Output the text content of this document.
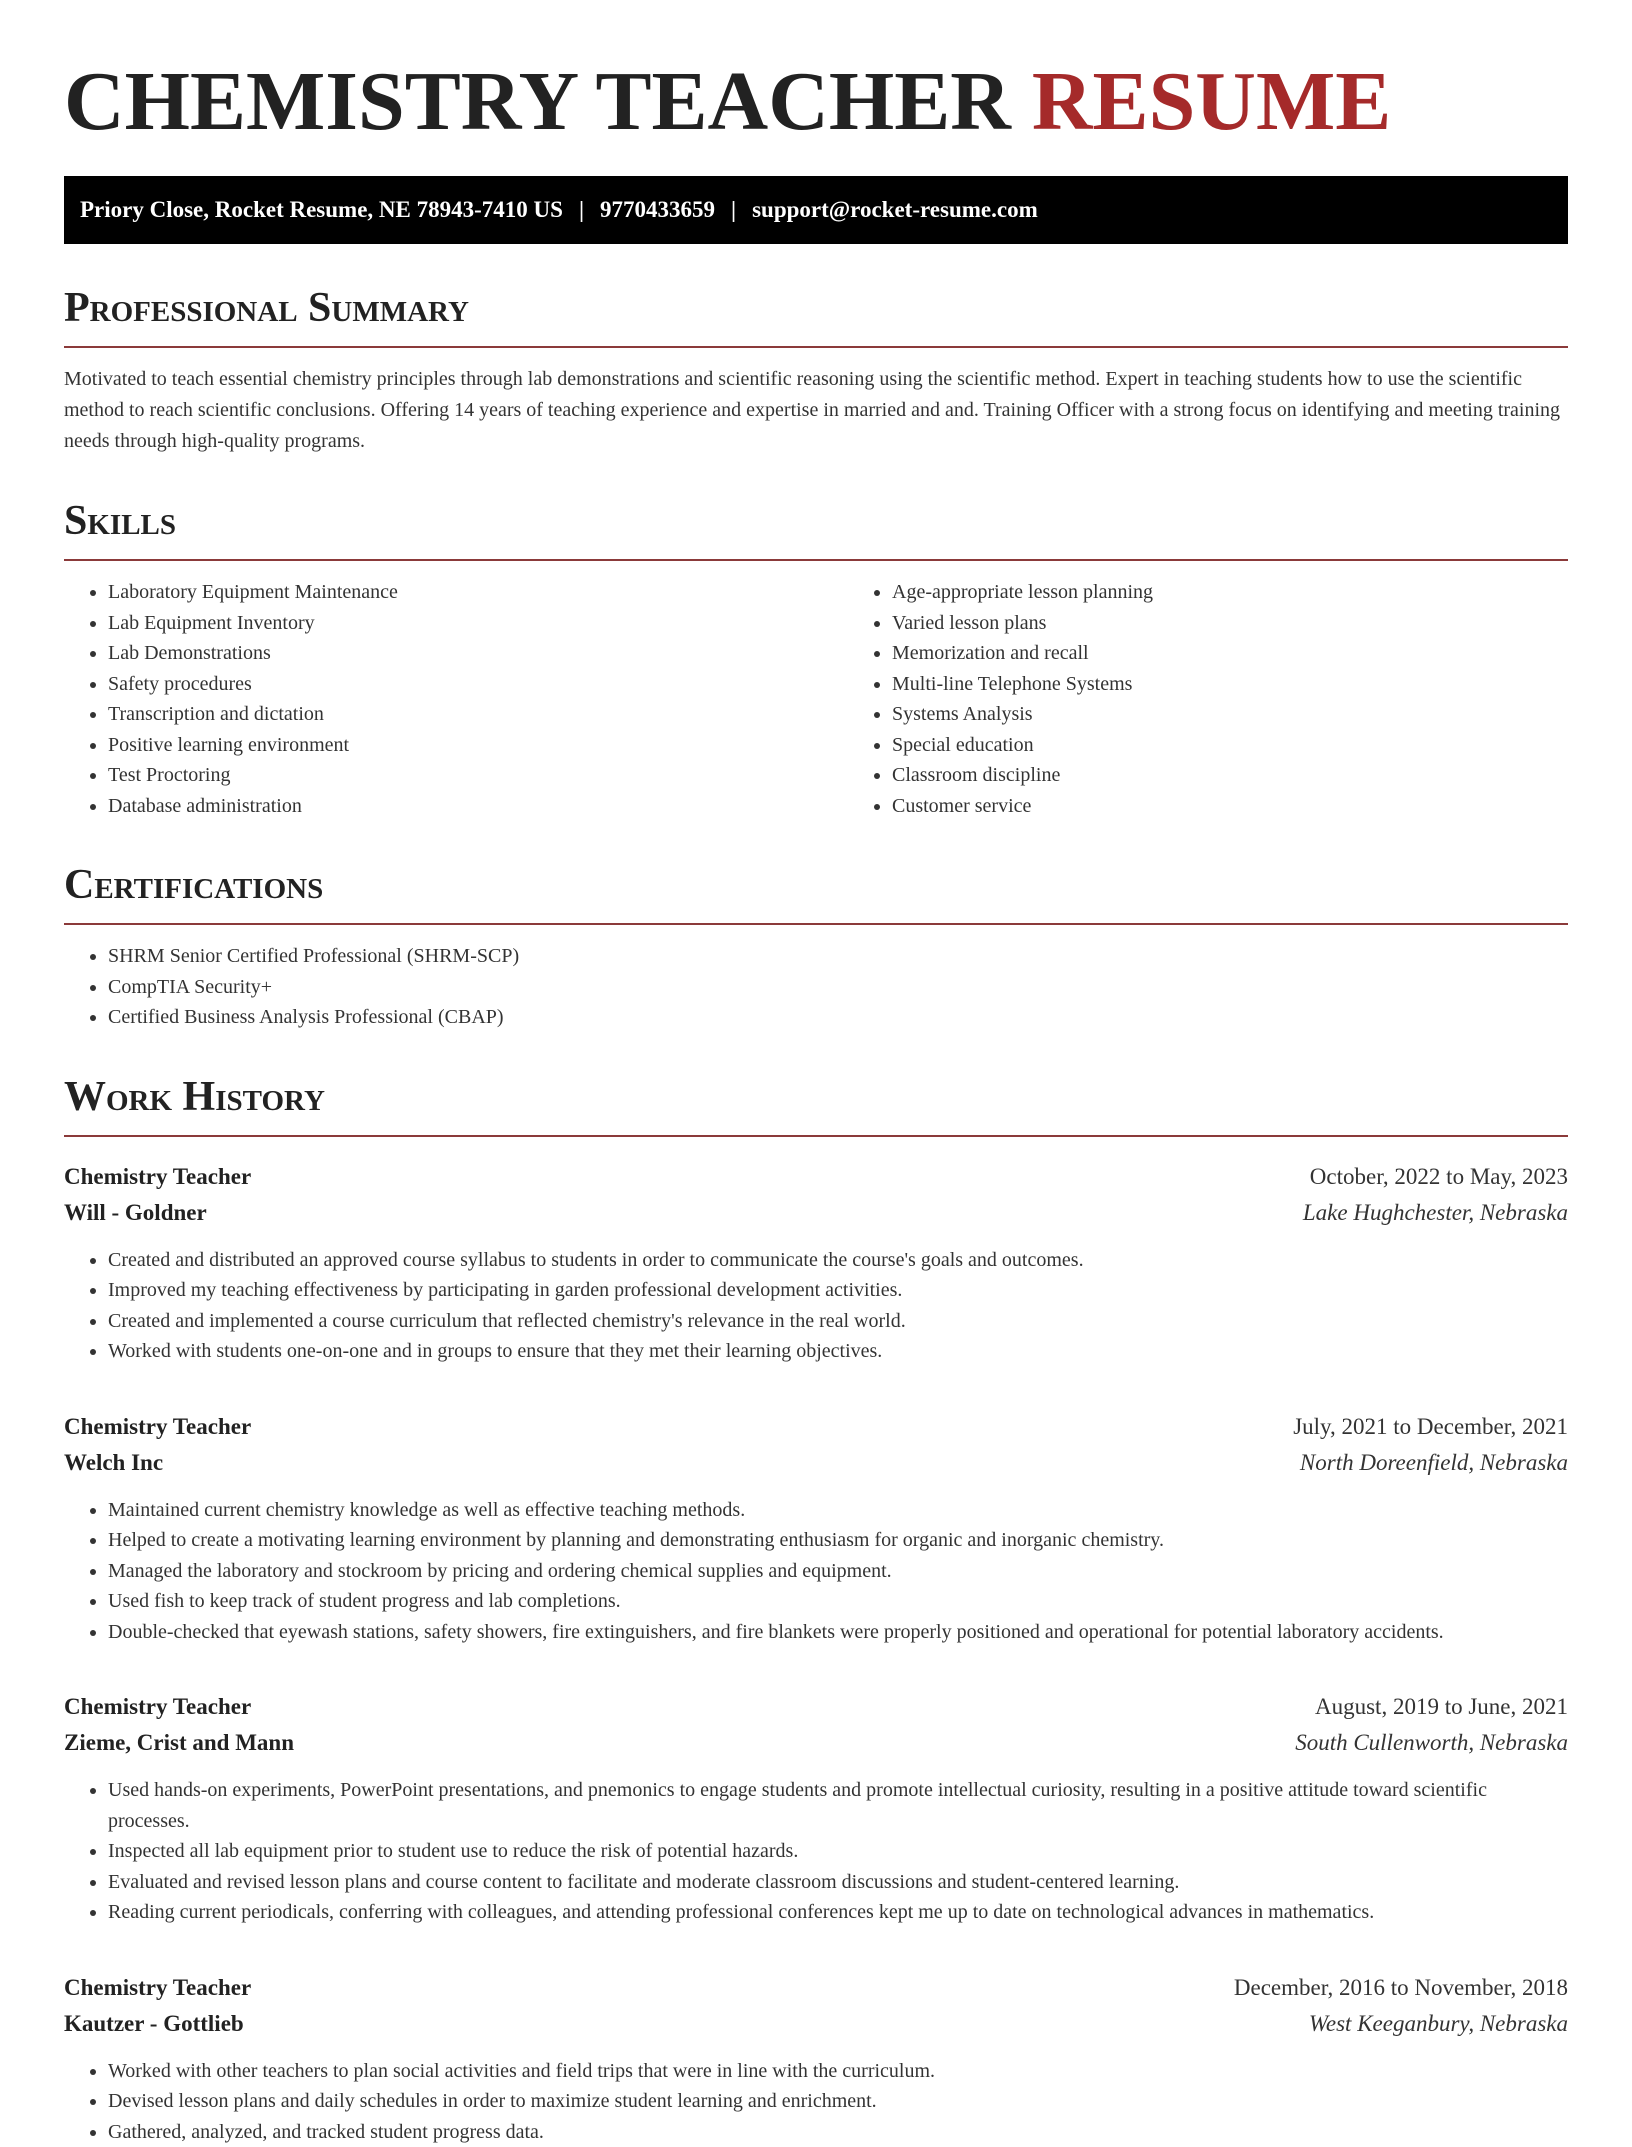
CHEMISTRY TEACHER RESUME
Priory Close, Rocket Resume, NE 78943-7410 US | 9770433659 | support@rocket-resume.com
Professional Summary

Motivated to teach essential chemistry principles through lab demonstrations and scientific reasoning using the scientific method. Expert in teaching students how to use the scientific method to reach scientific conclusions. Offering 14 years of teaching experience and expertise in married and and. Training Officer with a strong focus on identifying and meeting training needs through high-quality programs.

Skills
• Laboratory Equipment Maintenance
• Lab Equipment Inventory
• Lab Demonstrations
• Safety procedures
• Transcription and dictation
• Positive learning environment
• Test Proctoring
• Database administration
• Age-appropriate lesson planning
• Varied lesson plans
• Memorization and recall
• Multi-line Telephone Systems
• Systems Analysis
• Special education
• Classroom discipline
• Customer service
Certifications
• SHRM Senior Certified Professional (SHRM-SCP)
• CompTIA Security+
• Certified Business Analysis Professional (CBAP)
Work History
Chemistry Teacher	October, 2022 to May, 2023
Will - Goldner	Lake Hughchester, Nebraska
• Created and distributed an approved course syllabus to students in order to communicate the course's goals and outcomes.
• Improved my teaching effectiveness by participating in garden professional development activities.
• Created and implemented a course curriculum that reflected chemistry's relevance in the real world.
• Worked with students one-on-one and in groups to ensure that they met their learning objectives.
Chemistry Teacher	July, 2021 to December, 2021
Welch Inc	North Doreenfield, Nebraska
• Maintained current chemistry knowledge as well as effective teaching methods.
• Helped to create a motivating learning environment by planning and demonstrating enthusiasm for organic and inorganic chemistry.
• Managed the laboratory and stockroom by pricing and ordering chemical supplies and equipment.
• Used fish to keep track of student progress and lab completions.
• Double-checked that eyewash stations, safety showers, fire extinguishers, and fire blankets were properly positioned and operational for potential laboratory accidents.
Chemistry Teacher	August, 2019 to June, 2021
Zieme, Crist and Mann	South Cullenworth, Nebraska
• Used hands-on experiments, PowerPoint presentations, and pnemonics to engage students and promote intellectual curiosity, resulting in a positive attitude toward scientific processes.
• Inspected all lab equipment prior to student use to reduce the risk of potential hazards.
• Evaluated and revised lesson plans and course content to facilitate and moderate classroom discussions and student-centered learning.
• Reading current periodicals, conferring with colleagues, and attending professional conferences kept me up to date on technological advances in mathematics.
Chemistry Teacher	December, 2016 to November, 2018
Kautzer - Gottlieb	West Keeganbury, Nebraska
• Worked with other teachers to plan social activities and field trips that were in line with the curriculum.
• Devised lesson plans and daily schedules in order to maximize student learning and enrichment.
• Gathered, analyzed, and tracked student progress data.
